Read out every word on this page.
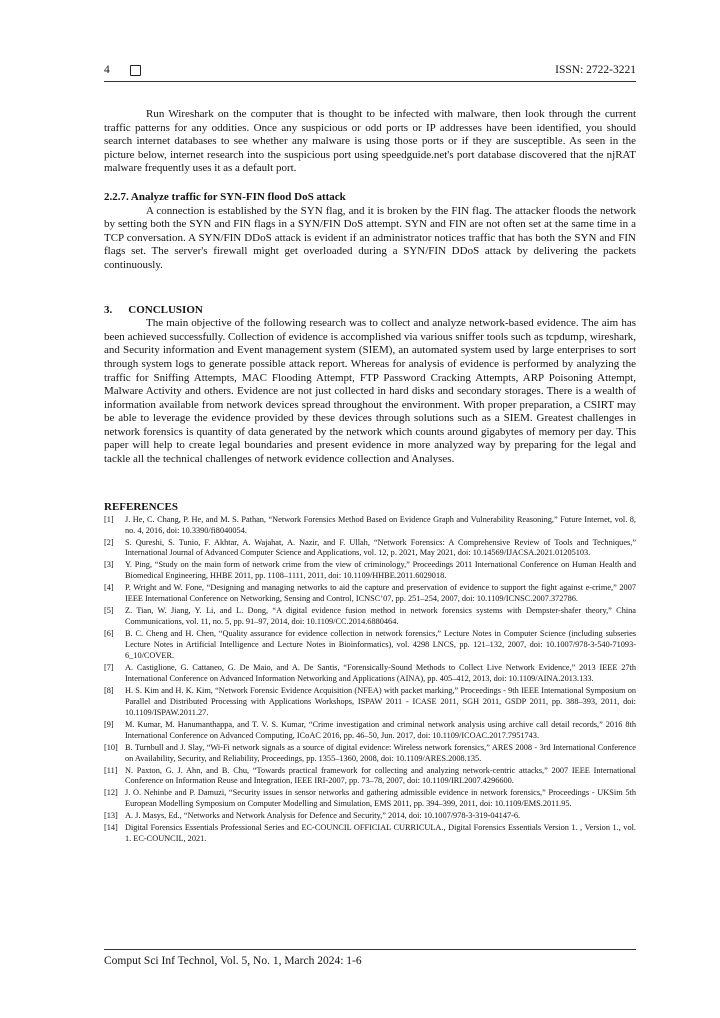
4	ISSN: 2722-3221

Run Wireshark on the computer that is thought to be infected with malware, then look through the current traffic patterns for any oddities. Once any suspicious or odd ports or IP addresses have been identified, you should search internet databases to see whether any malware is using those ports or if they are susceptible. As seen in the picture below, internet research into the suspicious port using speedguide.net's port database discovered that the njRAT malware frequently uses it as a default port.

2.2.7. Analyze traffic for SYN-FIN flood DoS attack

A connection is established by the SYN flag, and it is broken by the FIN flag. The attacker floods the network by setting both the SYN and FIN flags in a SYN/FIN DoS attempt. SYN and FIN are not often set at the same time in a TCP conversation. A SYN/FIN DDoS attack is evident if an administrator notices traffic that has both the SYN and FIN flags set. The server's firewall might get overloaded during a SYN/FIN DDoS attack by delivering the packets continuously.

3. CONCLUSION

The main objective of the following research was to collect and analyze network-based evidence. The aim has been achieved successfully. Collection of evidence is accomplished via various sniffer tools such as tcpdump, wireshark, and Security information and Event management system (SIEM), an automated system used by large enterprises to sort through system logs to generate possible attack report. Whereas for analysis of evidence is performed by analyzing the traffic for Sniffing Attempts, MAC Flooding Attempt, FTP Password Cracking Attempts, ARP Poisoning Attempt, Malware Activity and others. Evidence are not just collected in hard disks and secondary storages. There is a wealth of information available from network devices spread throughout the environment. With proper preparation, a CSIRT may be able to leverage the evidence provided by these devices through solutions such as a SIEM. Greatest challenges in network forensics is quantity of data generated by the network which counts around gigabytes of memory per day. This paper will help to create legal boundaries and present evidence in more analyzed way by preparing for the legal and tackle all the technical challenges of network evidence collection and Analyses.

REFERENCES
[1]	J. He, C. Chang, P. He, and M. S. Pathan, “Network Forensics Method Based on Evidence Graph and Vulnerability Reasoning,” Future Internet, vol. 8, no. 4, 2016, doi: 10.3390/fi8040054.
[2]	S. Qureshi, S. Tunio, F. Akhtar, A. Wajahat, A. Nazir, and F. Ullah, “Network Forensics: A Comprehensive Review of Tools and Techniques,” International Journal of Advanced Computer Science and Applications, vol. 12, p. 2021, May 2021, doi: 10.14569/IJACSA.2021.01205103.
[3]	Y. Ping, “Study on the main form of network crime from the view of criminology,” Proceedings 2011 International Conference on Human Health and Biomedical Engineering, HHBE 2011, pp. 1108–1111, 2011, doi: 10.1109/HHBE.2011.6029018.
[4]	P. Wright and W. Fone, “Designing and managing networks to aid the capture and preservation of evidence to support the fight against e-crime,” 2007 IEEE International Conference on Networking, Sensing and Control, ICNSC’07, pp. 251–254, 2007, doi: 10.1109/ICNSC.2007.372786.
[5]	Z. Tian, W. Jiang, Y. Li, and L. Dong, “A digital evidence fusion method in network forensics systems with Dempster-shafer theory,” China Communications, vol. 11, no. 5, pp. 91–97, 2014, doi: 10.1109/CC.2014.6880464.
[6]	B. C. Cheng and H. Chen, “Quality assurance for evidence collection in network forensics,” Lecture Notes in Computer Science (including subseries Lecture Notes in Artificial Intelligence and Lecture Notes in Bioinformatics), vol. 4298 LNCS, pp. 121–132, 2007, doi: 10.1007/978-3-540-71093-6_10/COVER.
[7]	A. Castiglione, G. Cattaneo, G. De Maio, and A. De Santis, “Forensically-Sound Methods to Collect Live Network Evidence,” 2013 IEEE 27th International Conference on Advanced Information Networking and Applications (AINA), pp. 405–412, 2013, doi: 10.1109/AINA.2013.133.
[8]	H. S. Kim and H. K. Kim, “Network Forensic Evidence Acquisition (NFEA) with packet marking,” Proceedings - 9th IEEE International Symposium on Parallel and Distributed Processing with Applications Workshops, ISPAW 2011 - ICASE 2011, SGH 2011, GSDP 2011, pp. 388–393, 2011, doi: 10.1109/ISPAW.2011.27.
[9]	M. Kumar, M. Hanumanthappa, and T. V. S. Kumar, “Crime investigation and criminal network analysis using archive call detail records,” 2016 8th International Conference on Advanced Computing, ICoAC 2016, pp. 46–50, Jun. 2017, doi: 10.1109/ICOAC.2017.7951743.
[10] B. Turnbull and J. Slay, “Wi-Fi network signals as a source of digital evidence: Wireless network forensics,” ARES 2008 - 3rd International Conference on Availability, Security, and Reliability, Proceedings, pp. 1355–1360, 2008, doi: 10.1109/ARES.2008.135.
[11] N. Paxton, G. J. Ahn, and B. Chu, “Towards practical framework for collecting and analyzing network-centric attacks,” 2007 IEEE International Conference on Information Reuse and Integration, IEEE IRI-2007, pp. 73–78, 2007, doi: 10.1109/IRI.2007.4296600.
[12] J. O. Nehinbe and P. Damuzi, “Security issues in sensor networks and gathering admissible evidence in network forensics,” Proceedings - UKSim 5th European Modelling Symposium on Computer Modelling and Simulation, EMS 2011, pp. 394–399, 2011, doi: 10.1109/EMS.2011.95.
[13] A. J. Masys, Ed., “Networks and Network Analysis for Defence and Security,” 2014, doi: 10.1007/978-3-319-04147-6.
[14] Digital Forensics Essentials Professional Series and EC-COUNCIL OFFICIAL CURRICULA., Digital Forensics Essentials Version 1. , Version 1., vol. 1. EC-COUNCIL, 2021.
Comput Sci Inf Technol, Vol. 5, No. 1, March 2024: 1-6
